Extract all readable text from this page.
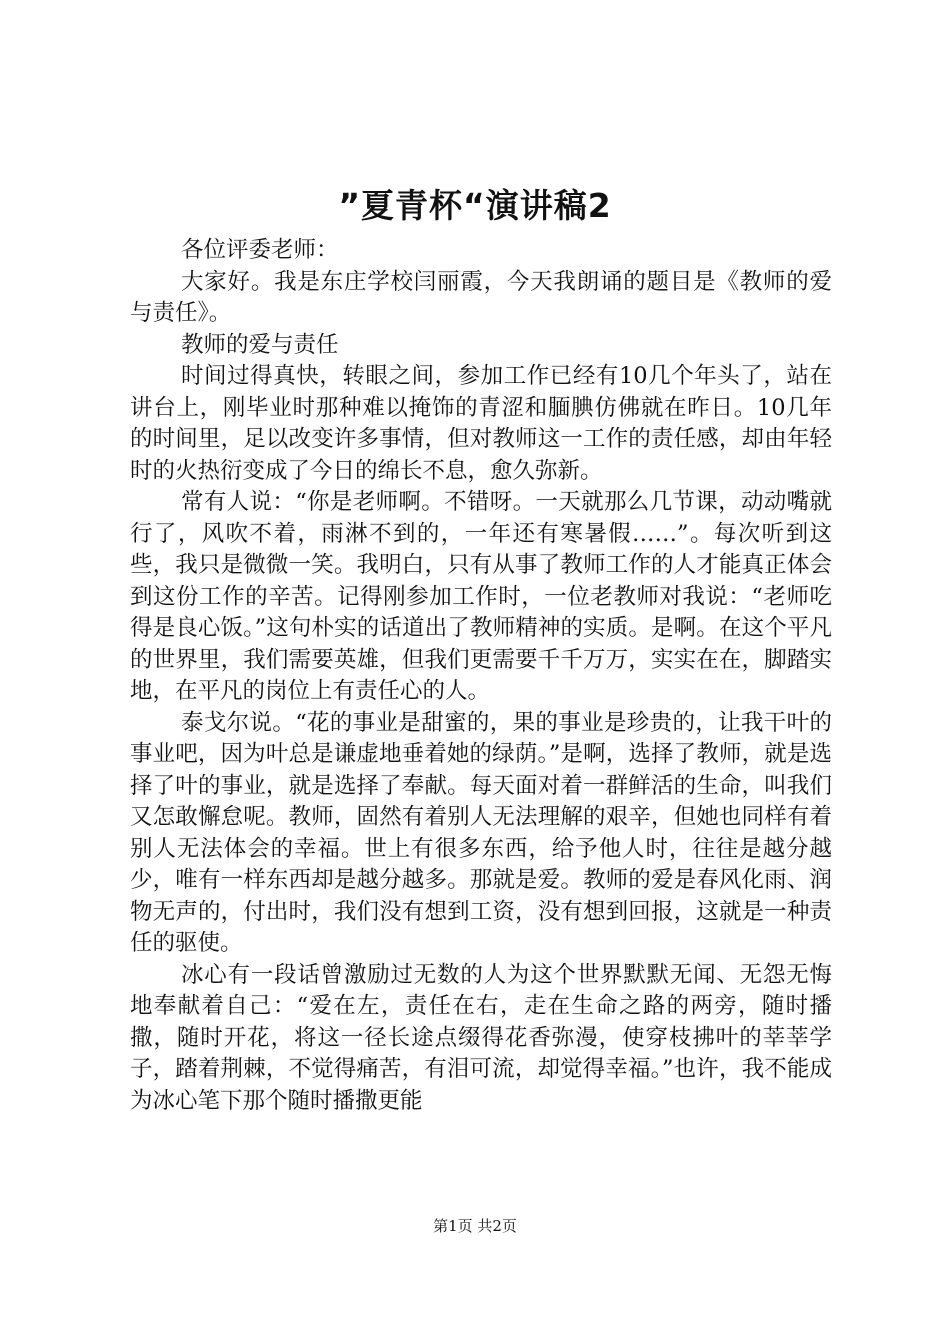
”夏青杯“演讲稿2

各位评委老师：

大家好。我是东庄学校闫丽霞，今天我朗诵的题目是《教师的爱与责任》。

教师的爱与责任

时间过得真快，转眼之间，参加工作已经有10几个年头了，站在讲台上，刚毕业时那种难以掩饰的青涩和腼腆仿佛就在昨日。10几年的时间里，足以改变许多事情，但对教师这一工作的责任感，却由年轻时的火热衍变成了今日的绵长不息，愈久弥新。

常有人说：“你是老师啊。不错呀。一天就那么几节课，动动嘴就行了，风吹不着，雨淋不到的，一年还有寒暑假……”。每次听到这些，我只是微微一笑。我明白，只有从事了教师工作的人才能真正体会到这份工作的辛苦。记得刚参加工作时，一位老教师对我说：“老师吃得是良心饭。”这句朴实的话道出了教师精神的实质。是啊。在这个平凡的世界里，我们需要英雄，但我们更需要千千万万，实实在在，脚踏实地，在平凡的岗位上有责任心的人。

泰戈尔说。“花的事业是甜蜜的，果的事业是珍贵的，让我干叶的事业吧，因为叶总是谦虚地垂着她的绿荫。”是啊，选择了教师，就是选择了叶的事业，就是选择了奉献。每天面对着一群鲜活的生命，叫我们又怎敢懈怠呢。教师，固然有着别人无法理解的艰辛，但她也同样有着别人无法体会的幸福。世上有很多东西，给予他人时，往往是越分越少，唯有一样东西却是越分越多。那就是爱。教师的爱是春风化雨、润物无声的，付出时，我们没有想到工资，没有想到回报，这就是一种责任的驱使。

冰心有一段话曾激励过无数的人为这个世界默默无闻、无怨无悔地奉献着自己：“爱在左，责任在右，走在生命之路的两旁，随时播撒，随时开花，将这一径长途点缀得花香弥漫，使穿枝拂叶的莘莘学子，踏着荆棘，不觉得痛苦，有泪可流，却觉得幸福。”也许，我不能成为冰心笔下那个随时播撒更能

第1页 共2页
